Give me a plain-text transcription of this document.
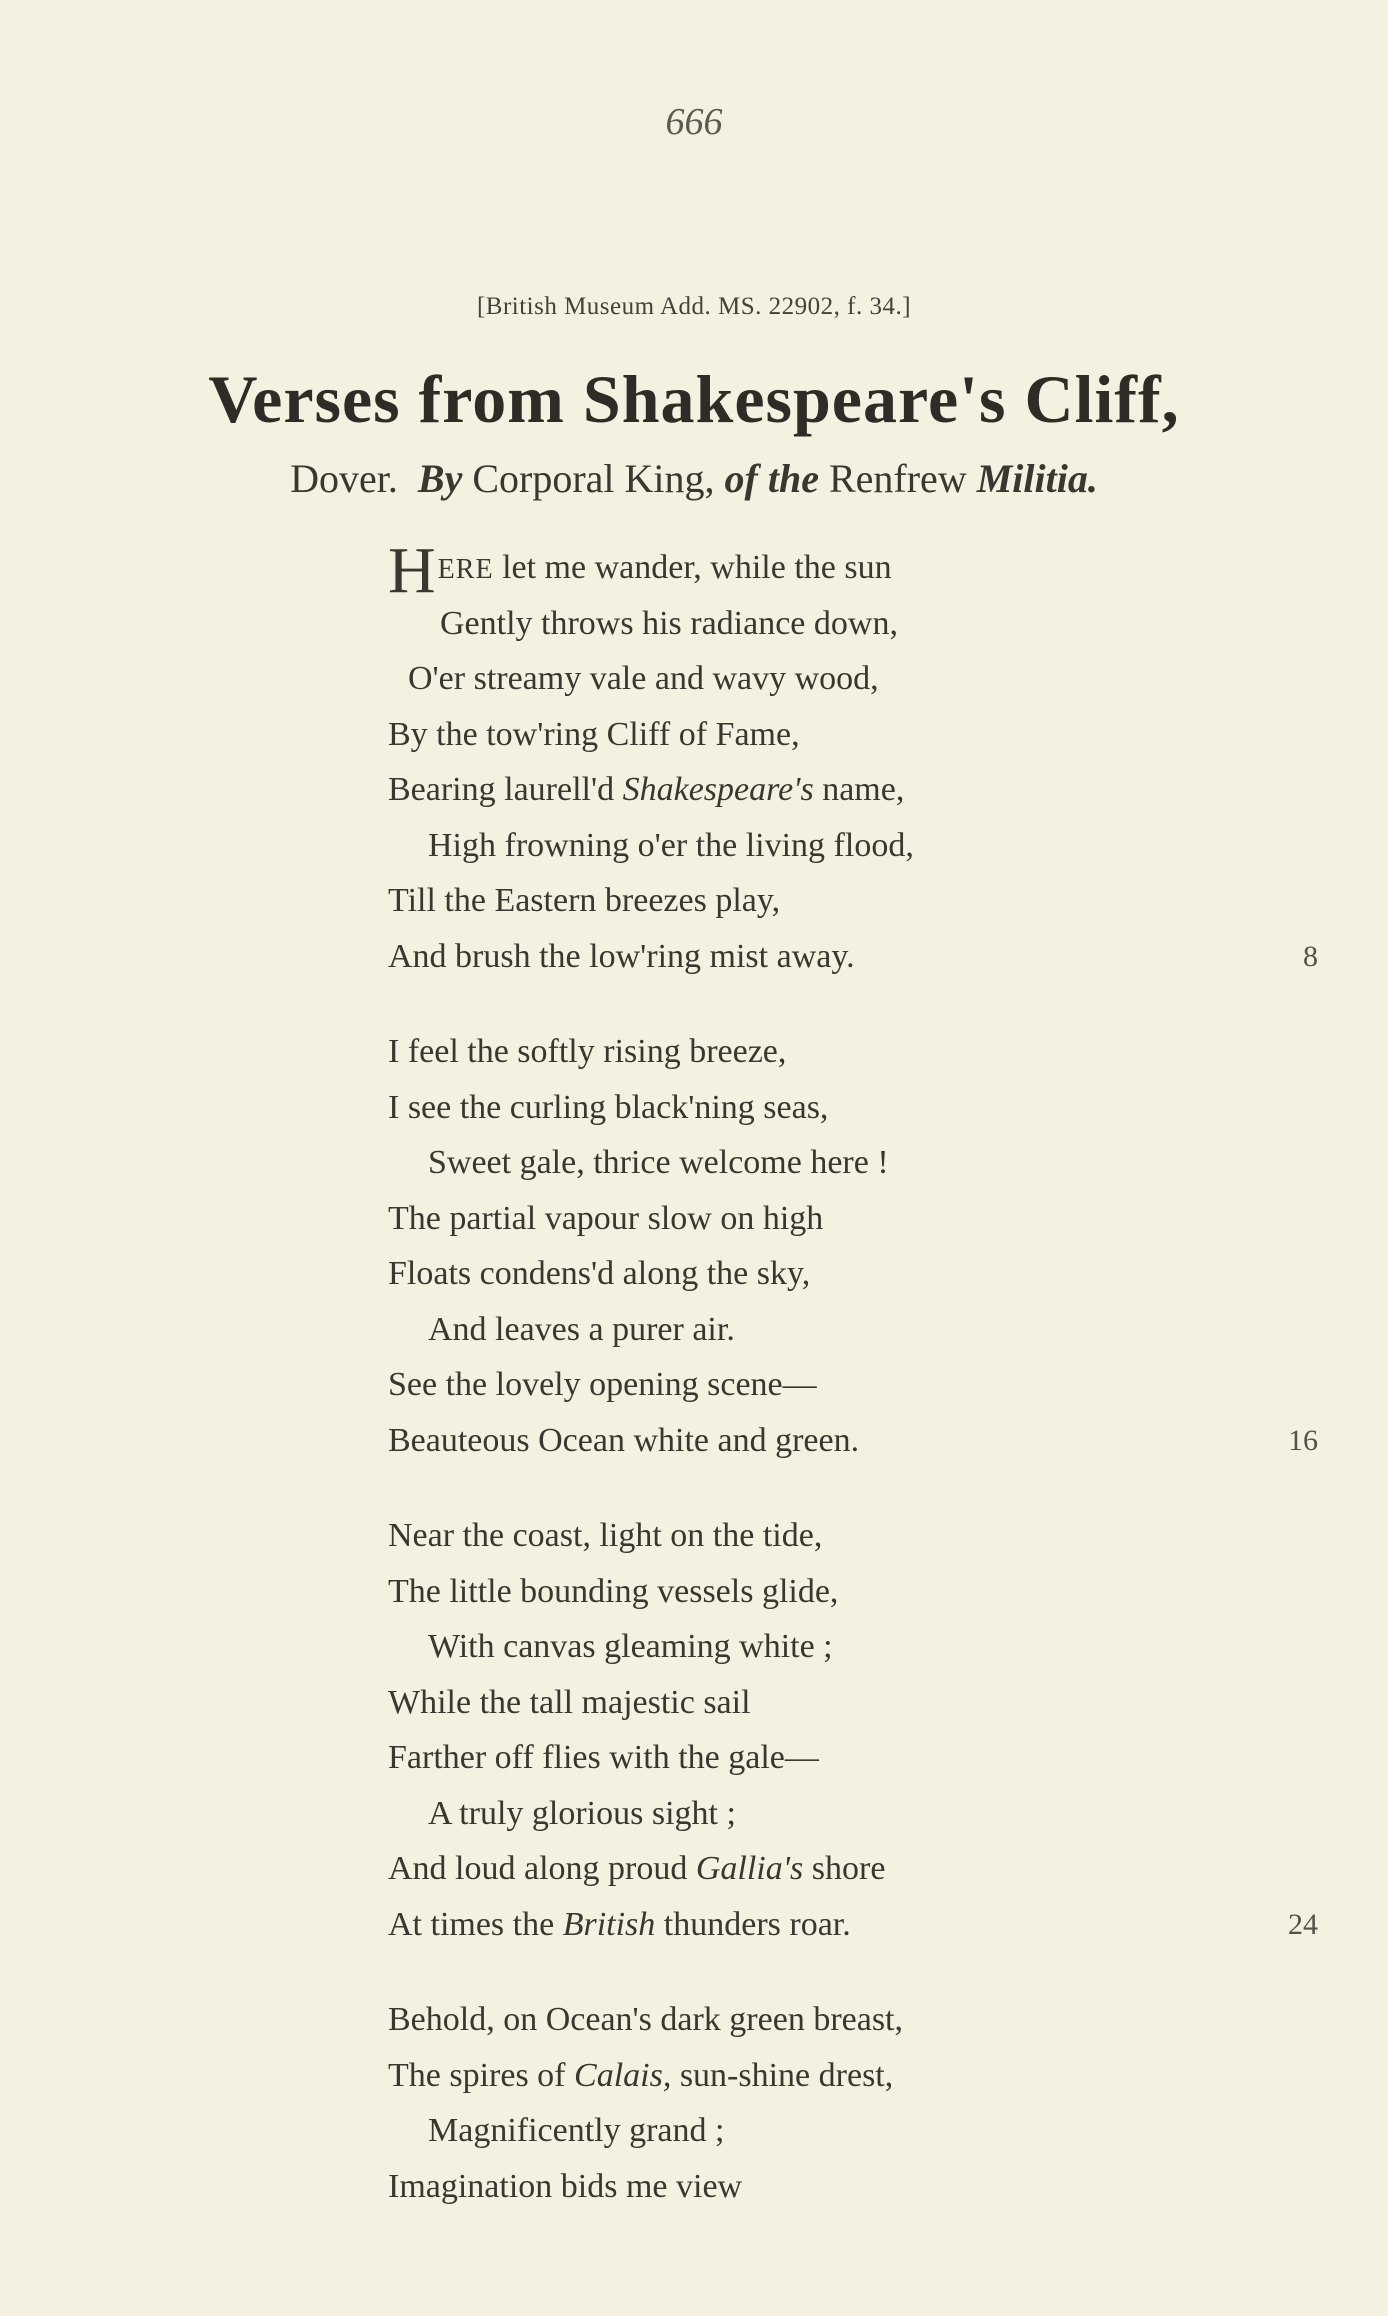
666
[British Museum Add. MS. 22902, f. 34.]
Verses from Shakespeare's Cliff,
Dover. By Corporal King, of the Renfrew Militia.
HERE let me wander, while the sun
Gently throws his radiance down,
O'er streamy vale and wavy wood,
By the tow'ring Cliff of Fame,
Bearing laurell'd Shakespeare's name,
High frowning o'er the living flood,
Till the Eastern breezes play,
And brush the low'ring mist away.	8
I feel the softly rising breeze,
I see the curling black'ning seas,
Sweet gale, thrice welcome here !
The partial vapour slow on high
Floats condens'd along the sky,
And leaves a purer air.
See the lovely opening scene—
Beauteous Ocean white and green.	16
Near the coast, light on the tide,
The little bounding vessels glide,
With canvas gleaming white ;
While the tall majestic sail
Farther off flies with the gale—
A truly glorious sight ;
And loud along proud Gallia's shore
At times the British thunders roar.	24
Behold, on Ocean's dark green breast,
The spires of Calais, sun-shine drest,
Magnificently grand ;
Imagination bids me view
